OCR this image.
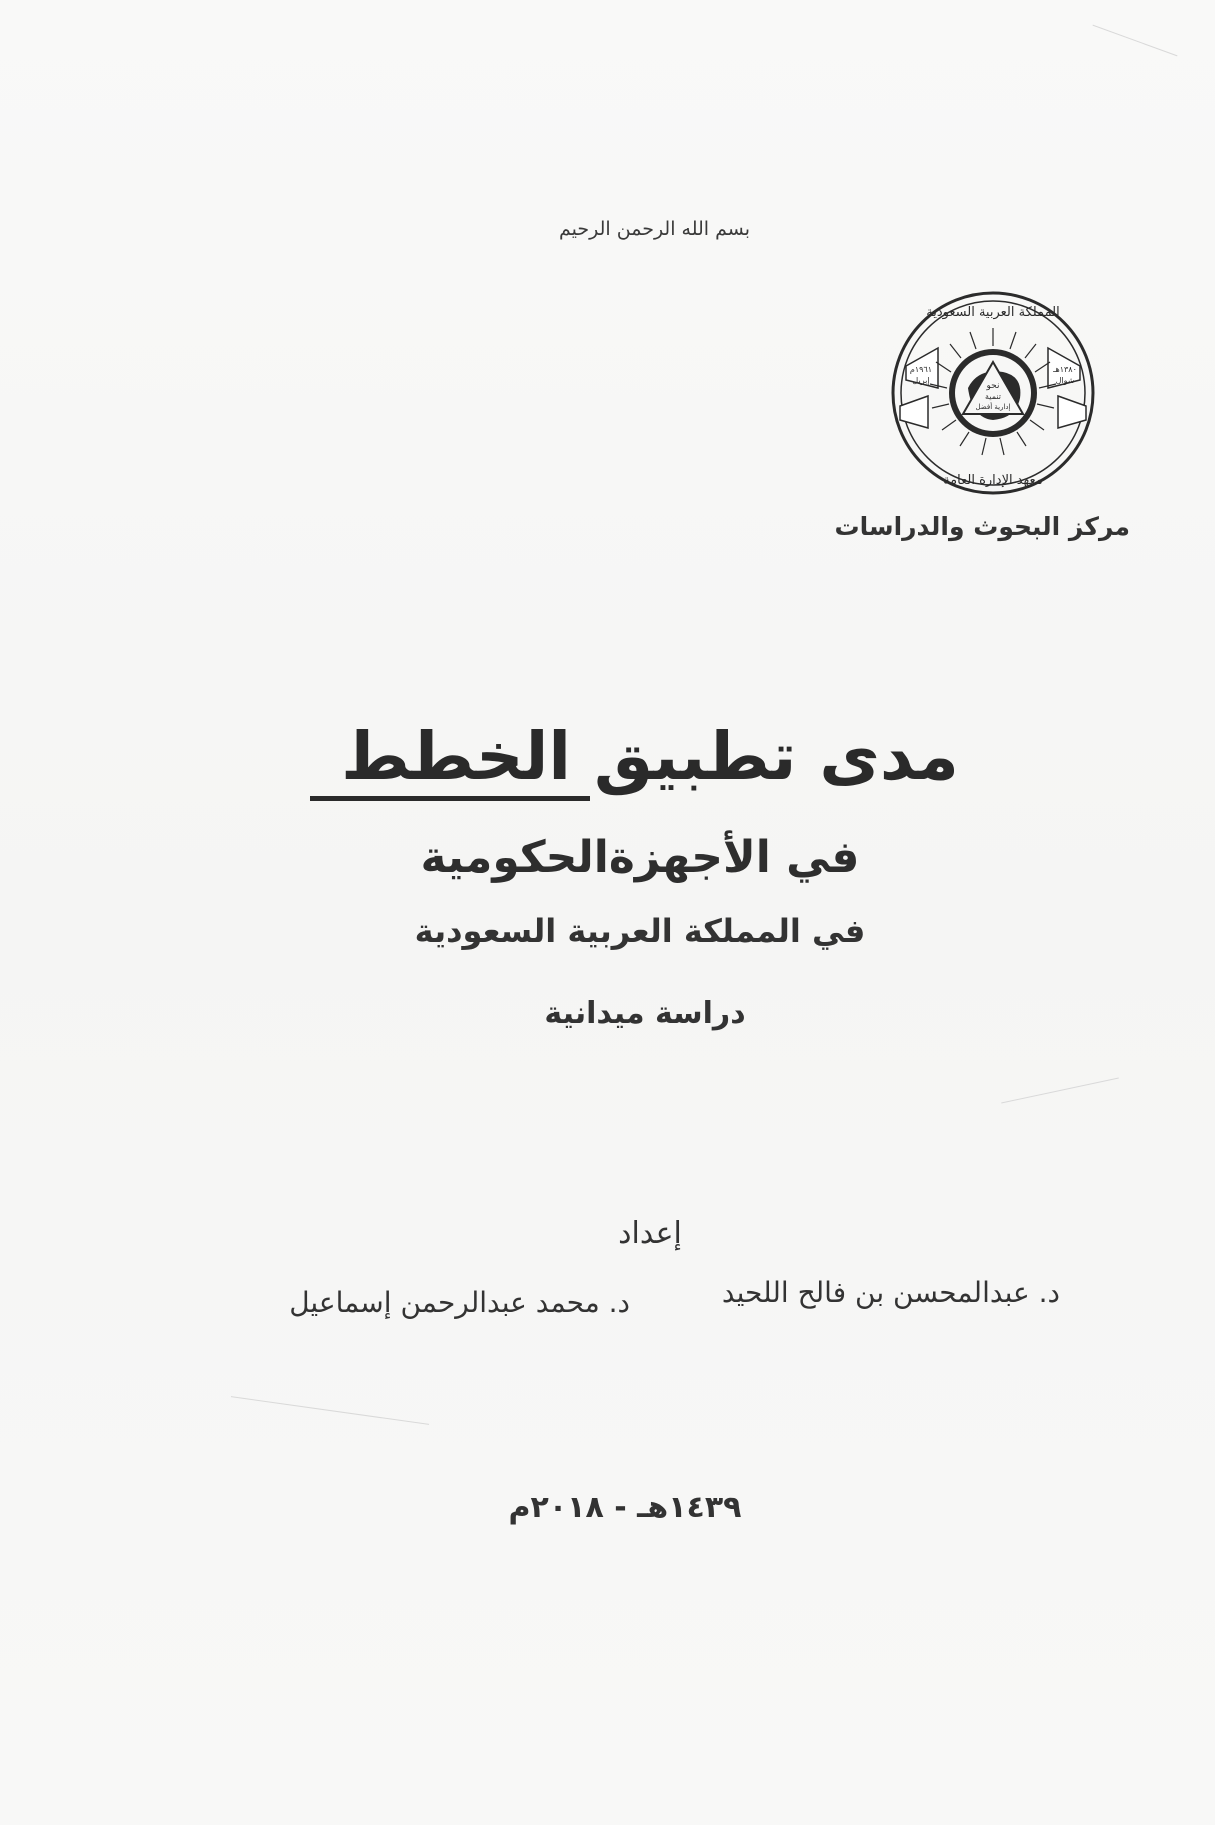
بسم الله الرحمن الرحيم
نحو
تنمية
إدارية أفضل
المملكة العربية السعودية
معهد الإدارة العامة
١٩٦١م
إبريل
١٣٨٠هـ
شوال
مركز البحوث والدراسات
مدى تطبيق الخطط
في الأجهزةالحكومية
في المملكة العربية السعودية
دراسة ميدانية
إعداد
د. عبدالمحسن بن فالح اللحيد
د. محمد عبدالرحمن إسماعيل
١٤٣٩هـ - ٢٠١٨م
